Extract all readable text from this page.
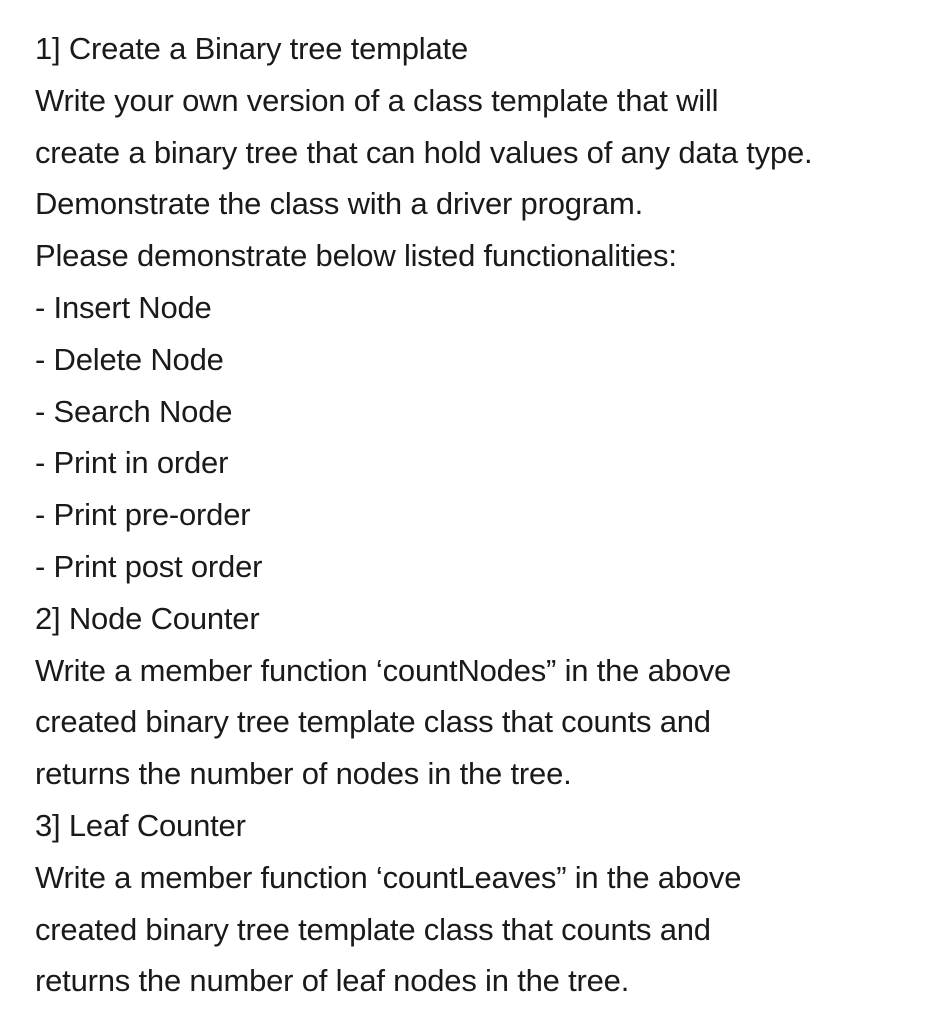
1] Create a Binary tree template
Write your own version of a class template that will
create a binary tree that can hold values of any data type.
Demonstrate the class with a driver program.
Please demonstrate below listed functionalities:
- Insert Node
- Delete Node
- Search Node
- Print in order
- Print pre-order
- Print post order
2] Node Counter
Write a member function ‘countNodes” in the above
created binary tree template class that counts and
returns the number of nodes in the tree.
3] Leaf Counter
Write a member function ‘countLeaves” in the above
created binary tree template class that counts and
returns the number of leaf nodes in the tree.
